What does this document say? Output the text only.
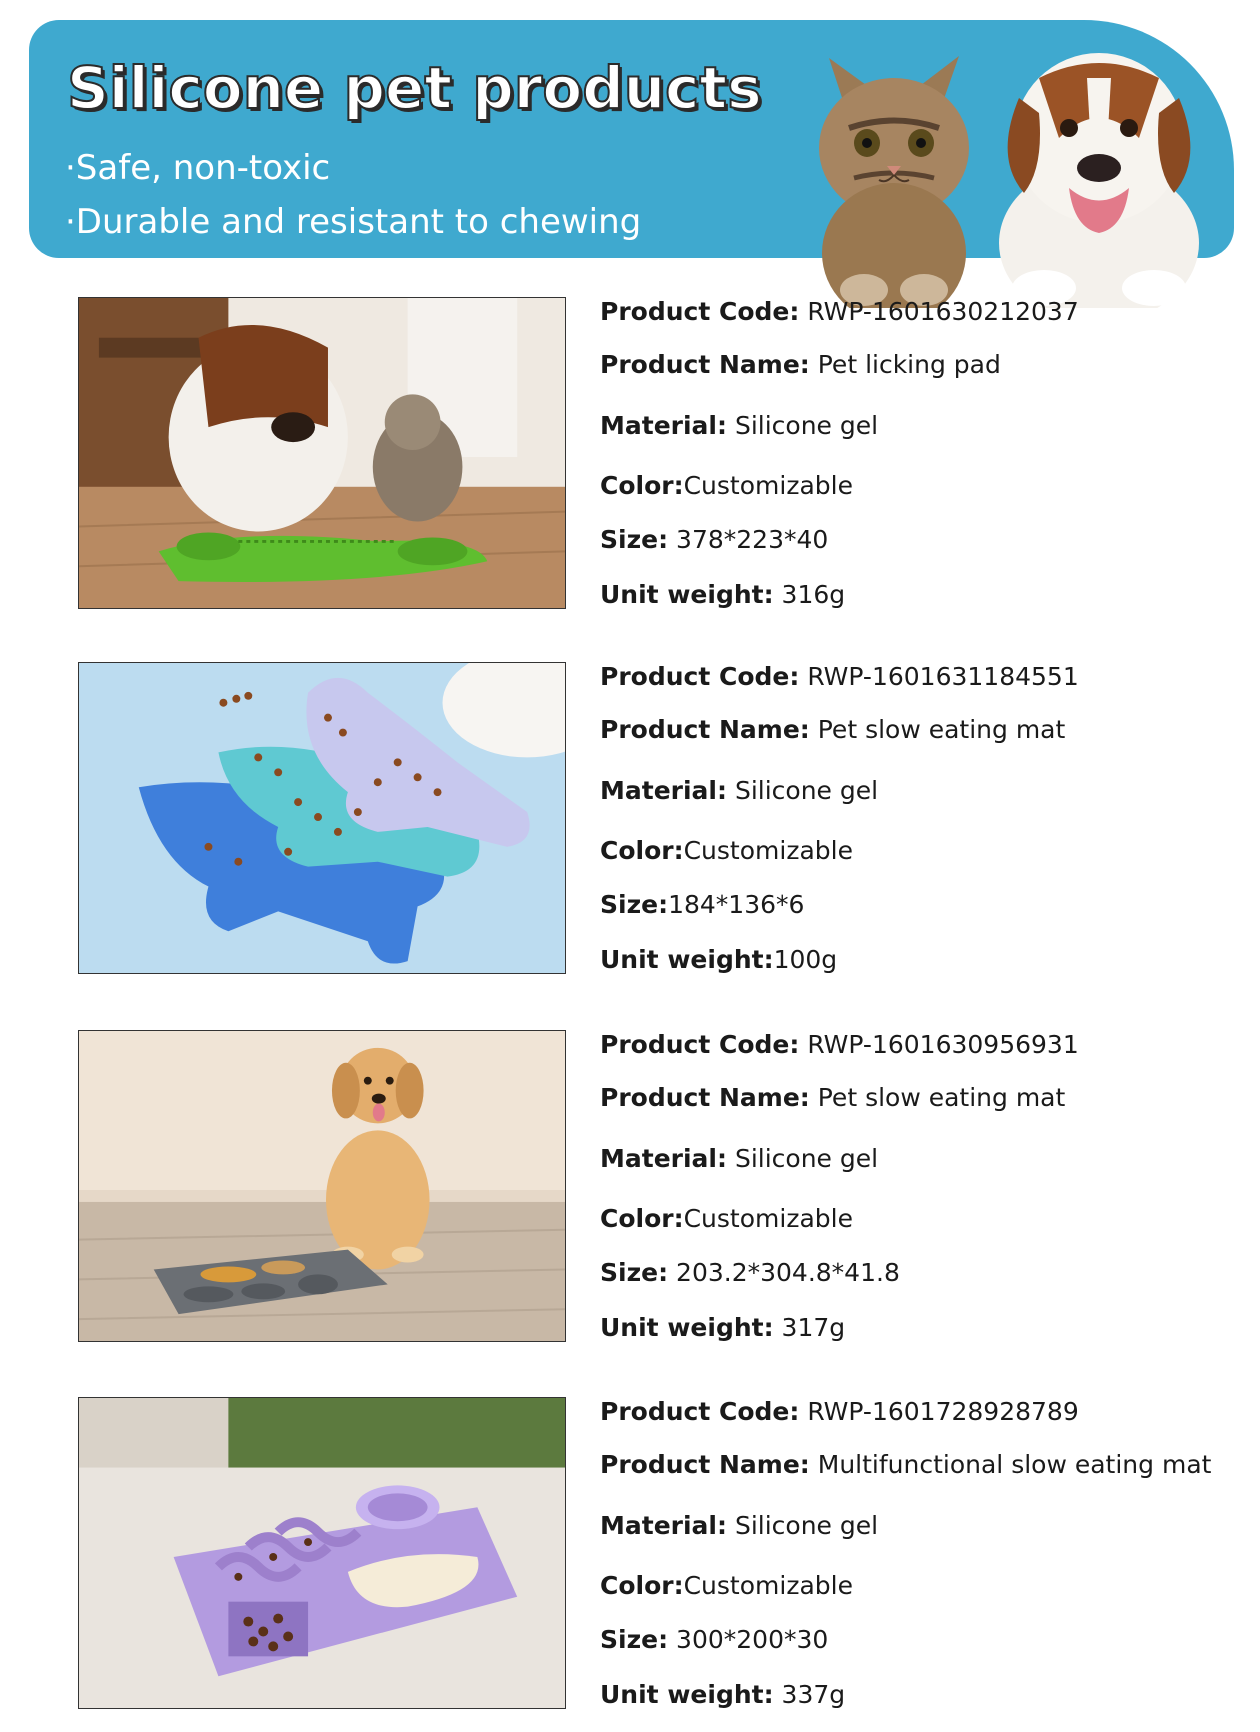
Silicone pet products
·Safe, non-toxic
·Durable and resistant to chewing
Product Code: RWP-1601630212037
Product Name: Pet licking pad
Material: Silicone gel
Color:Customizable
Size: 378*223*40
Unit weight: 316g
Product Code: RWP-1601631184551
Product Name: Pet slow eating mat
Material: Silicone gel
Color:Customizable
Size:184*136*6
Unit weight:100g
Product Code: RWP-1601630956931
Product Name: Pet slow eating mat
Material: Silicone gel
Color:Customizable
Size: 203.2*304.8*41.8
Unit weight: 317g
Product Code: RWP-1601728928789
Product Name: Multifunctional slow eating mat
Material: Silicone gel
Color:Customizable
Size: 300*200*30
Unit weight: 337g
